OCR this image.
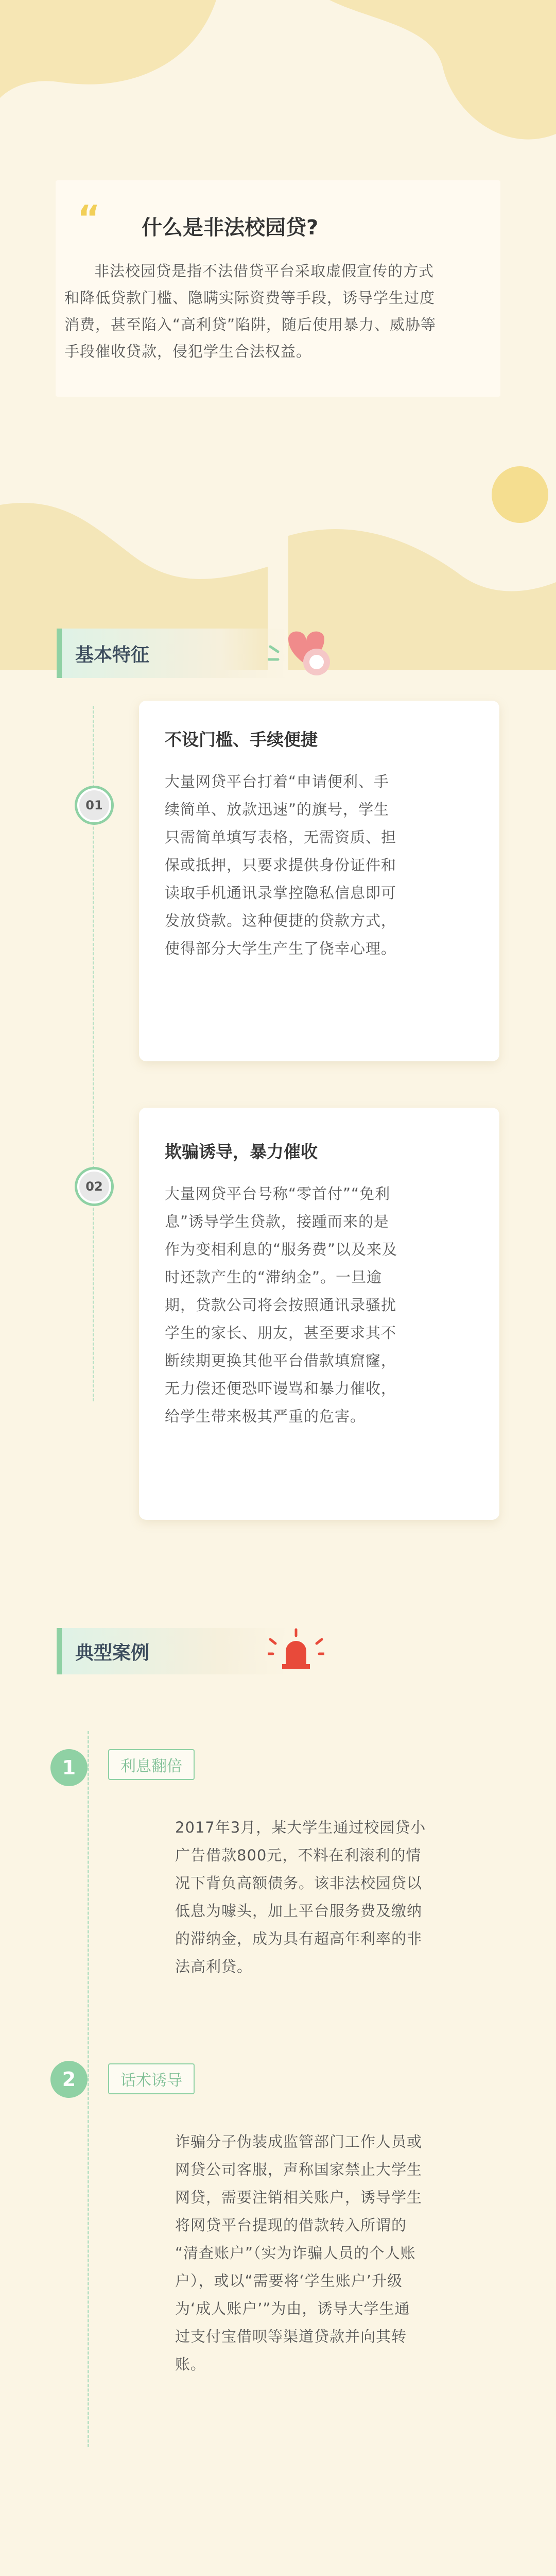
“ 什么是非法校园贷?
非法校园贷是指不法借贷平台采取虚假宣传的方式
和降低贷款门槛、隐瞒实际资费等手段，诱导学生过度
消费，甚至陷入“高利贷”陷阱，随后使用暴力、威胁等
手段催收贷款，侵犯学生合法权益。
基本特征
01
不设门槛、手续便捷
大量网贷平台打着“申请便利、手
续简单、放款迅速”的旗号，学生
只需简单填写表格，无需资质、担
保或抵押，只要求提供身份证件和
读取手机通讯录掌控隐私信息即可
发放贷款。这种便捷的贷款方式，
使得部分大学生产生了侥幸心理。
02
欺骗诱导，暴力催收
大量网贷平台号称“零首付”“免利
息”诱导学生贷款，接踵而来的是
作为变相利息的“服务费”以及来及
时还款产生的“滞纳金”。一旦逾
期，贷款公司将会按照通讯录骚扰
学生的家长、朋友，甚至要求其不
断续期更换其他平台借款填窟窿，
无力偿还便恐吓谩骂和暴力催收，
给学生带来极其严重的危害。
典型案例
1	利息翻倍
2017年3月，某大学生通过校园贷小
广告借款800元，不料在利滚利的情
况下背负高额债务。该非法校园贷以
低息为噱头，加上平台服务费及缴纳
的滞纳金，成为具有超高年利率的非
法高利贷。
2	话术诱导
诈骗分子伪装成监管部门工作人员或
网贷公司客服，声称国家禁止大学生
网贷，需要注销相关账户，诱导学生
将网贷平台提现的借款转入所谓的
“清查账户”（实为诈骗人员的个人账
户），或以“需要将‘学生账户’升级
为‘成人账户’”为由，诱导大学生通
过支付宝借呗等渠道贷款并向其转
账。
